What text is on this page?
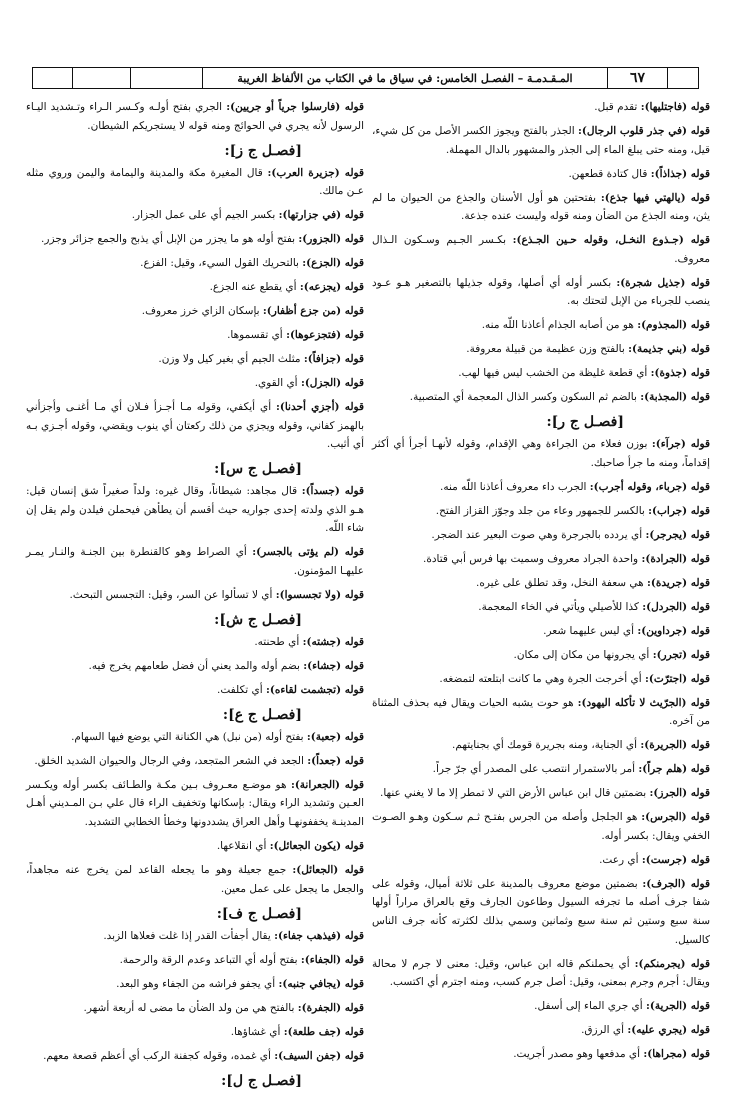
المـقـدمـة – الفصـل الخامس: في سياق ما في الكتاب من الألفاظ الغريبة	٦٧

قوله (فاجتليها): تقدم قبل.

قوله (في جذر قلوب الرجال): الجذر بالفتح ويجوز الكسر الأصل من كل شيء، قيل، ومنه حتى يبلغ الماء إلى الجذر والمشهور بالدال المهملة.

قوله (جذاذاً): قال كتادة قطعهن.

قوله (يالهتي فيها جذع): بفتحتين هو أول الأسنان والجذع من الحيوان ما لم يثن، ومنه الجذع من الضأن ومنه قوله وليست عنده جذعة.

قوله (جـذوع النخـل، وقوله حـين الجـذع): بكـسر الجـيم وسـكون الـذال معروف.

قوله (جذيل شجرة): بكسر أوله أي أصلها، وقوله جذيلها بالتصغير هـو عـود ينصب للجرباء من الإبل لتحتك به.

قوله (المجذوم): هو من أصابه الجذام أعاذنا اللّه منه.

قوله (بني جذيمة): بالفتح وزن عظيمة من قبيلة معروفة.

قوله (جذوة): أي قطعة غليظة من الخشب ليس فيها لهب.

قوله (المجذبة): بالضم ثم السكون وكسر الذال المعجمة أي المتصبية.

[فصـل ج ر]:

قوله (جرآء): بوزن فعلاء من الجراءة وهي الإقدام، وقوله لأنهـا أجرأ أي أكثر إقداماً، ومنه ما جرأ صاحبك.

قوله (جرباء، وقوله أجرب): الجرب داء معروف أعاذنا اللّه منه.

قوله (جراب): بالكسر للجمهور وعاء من جلد وجوّز القزاز الفتح.

قوله (يجرجر): أي يردده بالجرجرة وهي صوت البعير عند الضجر.

قوله (الجرادة): واحدة الجراد معروف وسميت بها فرس أبي قتادة.

قوله (جريدة): هي سعفة النخل، وقد تطلق على غيره.

قوله (الجردل): كذا للأصيلي ويأتي في الخاء المعجمة.

قوله (جرداوين): أي ليس عليهما شعر.

قوله (تجرر): أي يجرونها من مكان إلى مكان.

قوله (اجترّت): أي أخرجت الجرة وهي ما كانت ابتلعته لتمضغه.

قوله (الجرّيث لا تأكله اليهود): هو حوت يشبه الحيات ويقال فيه بحذف المثناة من آخره.

قوله (الجريرة): أي الجناية، ومنه بجريرة قومك أي بجنايتهم.

قوله (هلم جراً): أمر بالاستمرار انتصب على المصدر أي جرّ جراً.

قوله (الجرز): بضمتين قال ابن عباس الأرض التي لا تمطر إلا ما لا يغني عنها.

قوله (الجرس): هو الجلجل وأصله من الجرس بفتـح ثـم سـكون وهـو الصـوت الخفي ويقال: بكسر أوله.

قوله (جرست): أي رعت.

قوله (الجرف): بضمتين موضع معروف بالمدينة على ثلاثة أميال، وقوله على شفا جرف أصله ما تجرفه السيول وطاعون الجارف وقع بالعراق مراراً أولها سنة سبع وستين ثم سنة سبع وثمانين وسمي بذلك لكثرته كأنه جرف الناس كالسيل.

قوله (يجرمنكم): أي يحملنكم قاله ابن عباس، وقيل: معنى لا جرم لا محالة ويقال: أجرم وجرم بمعنى، وقيل: أصل جرم كسب، ومنه اجترم أي اكتسب.

قوله (الجرية): أي جري الماء إلى أسفل.

قوله (يجري عليه): أي الرزق.

قوله (مجراها): أي مدفعها وهو مصدر أجريت.

قوله (فارسلوا جرياً أو جريين): الجري بفتح أولـه وكـسر الـراء وتـشديد اليـاء الرسول لأنه يجري في الحوائج ومنه قوله لا يستجريكم الشيطان.

[فصـل ج ز]:

قوله (جزيرة العرب): قال المغيرة مكة والمدينة واليمامة واليمن وروي مثله عـن مالك.

قوله (في جزارتها): بكسر الجيم أي على عمل الجزار.

قوله (الجزور): بفتح أوله هو ما يجزر من الإبل أي يذبح والجمع جزائر وجزر.

قوله (الجزع): بالتحريك القول السيء، وقيل: الفزع.

قوله (يجزعه): أي يقطع عنه الجزع.

قوله (من جزع أظفار): بإسكان الزاي خرز معروف.

قوله (فتجزعوها): أي تقسموها.

قوله (جزافاً): مثلث الجيم أي بغير كيل ولا وزن.

قوله (الجزل): أي القوي.

قوله (أجزي أحدنا): أي أيكفي، وقوله مـا أجـزأ فـلان أي مـا أغنـى وأجزأني بالهمز كفاني، وقوله ويجزي من ذلك ركعتان أي ينوب ويقضي، وقوله أجـزي بـه أي أثيب.

[فصـل ج س]:

قوله (جسداً): قال مجاهد: شيطاناً، وقال غيره: ولداً صغيراً شق إنسان قيل: هـو الذي ولدته إحدى جواريه حيث أقسم أن يطأهن فيحملن فيلدن ولم يقل إن شاء اللّه.

قوله (لم يؤتى بالجسر): أي الصراط وهو كالقنطرة بين الجنـة والنـار يمـر عليهـا المؤمنون.

قوله (ولا تجسسوا): أي لا تسألوا عن السر، وقيل: التجسس التبحث.

[فصـل ج ش]:

قوله (جشته): أي طحنته.

قوله (جشاء): بضم أوله والمد يعني أن فضل طعامهم يخرج فيه.

قوله (تجشمت لقاءه): أي تكلفت.

[فصـل ج ع]:

قوله (جعبة): بفتح أوله (من نبل) هي الكنانة التي يوضع فيها السهام.

قوله (جعداً): الجعد في الشعر المتجعد، وفي الرجال والحيوان الشديد الخلق.

قوله (الجعرانة): هو موضـع معـروف بـين مكـة والطـائف بكسر أوله ويكـسر العـين وتشديد الراء ويقال: بإسكانها وتخفيف الراء قال علي بـن المـديني أهـل المدينـة يخففونهـا وأهل العراق يشددونها وخطأ الخطابي التشديد.

قوله (يكون الجعائل): أي انقلاعها.

قوله (الجعائل): جمع جعيلة وهو ما يجعله القاعد لمن يخرج عنه مجاهداً، والجعل ما يجعل على عمل معين.

[فصـل ج ف]:

قوله (فيذهب جفاء): يقال أجفأت القدر إذا غلت فعلاها الزبد.

قوله (الجفاء): بفتح أوله أي التباعد وعدم الرقة والرحمة.

قوله (يجافي جنبه): أي يجفو فراشه من الجفاء وهو البعد.

قوله (الجفرة): بالفتح هي من ولد الضأن ما مضى له أربعة أشهر.

قوله (جف طلعة): أي غشاؤها.

قوله (جفن السيف): أي غمده، وقوله كجفنة الركب أي أعظم قصعة معهم.

[فصـل ج ل]:
